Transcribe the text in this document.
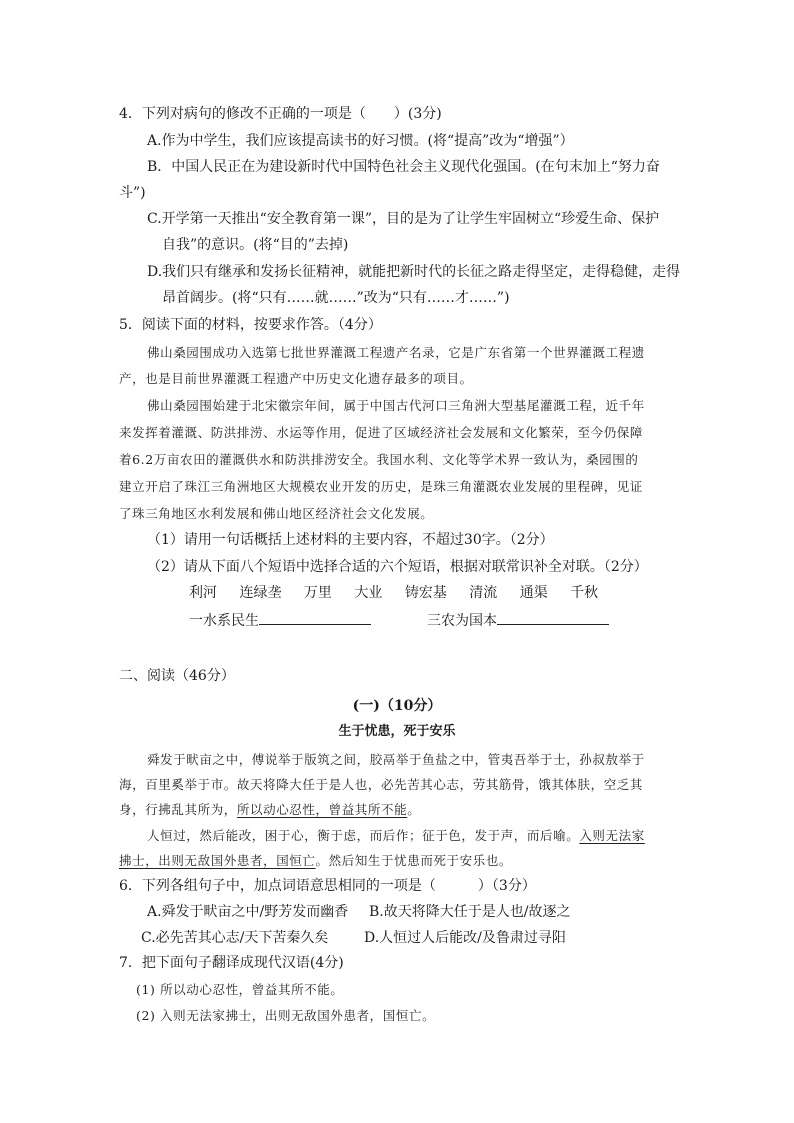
4．下列对病句的修改不正确的一项是（　　）(3分)
A.作为中学生，我们应该提高读书的好习惯。(将“提高”改为“增强”）
B．中国人民正在为建设新时代中国特色社会主义现代化强国。(在句末加上“努力奋
斗”)
C.开学第一天推出“安全教育第一课”，目的是为了让学生牢固树立“珍爱生命、保护
自我”的意识。(将“目的”去掉)
D.我们只有继承和发扬长征精神，就能把新时代的长征之路走得坚定，走得稳健，走得
昂首阔步。(将“只有……就……”改为“只有……才……”)
5．阅读下面的材料，按要求作答。（4分）
佛山桑园围成功入选第七批世界灌溉工程遗产名录，它是广东省第一个世界灌溉工程遗
产，也是目前世界灌溉工程遗产中历史文化遗存最多的项目。
佛山桑园围始建于北宋徽宗年间，属于中国古代河口三角洲大型基尾灌溉工程，近千年
来发挥着灌溉、防洪排涝、水运等作用，促进了区域经济社会发展和文化繁荣，至今仍保障
着6.2万亩农田的灌溉供水和防洪排涝安全。我国水利、文化等学术界一致认为，桑园围的
建立开启了珠江三角洲地区大规模农业开发的历史，是珠三角灌溉农业发展的里程碑，见证
了珠三角地区水利发展和佛山地区经济社会文化发展。
（1）请用一句话概括上述材料的主要内容，不超过30字。（2分）
（2）请从下面八个短语中选择合适的六个短语，根据对联常识补全对联。（2分）
利河 连绿垄 万里 大业 铸宏基 清流 通渠 千秋
一水系民生	三农为国本
二、阅读（46分）
(一)（10分）
生于忧患，死于安乐
舜发于畎亩之中，傅说举于版筑之间，胶鬲举于鱼盐之中，管夷吾举于士，孙叔敖举于
海，百里奚举于市。故天将降大任于是人也，必先苦其心志，劳其筋骨，饿其体肤，空乏其
身，行拂乱其所为，所以动心忍性，曾益其所不能。
人恒过，然后能改，困于心，衡于虑，而后作；征于色，发于声，而后喻。入则无法家
拂士，出则无敌国外患者，国恒亡。然后知生于忧患而死于安乐也。
6．下列各组句子中，加点词语意思相同的一项是（　　　）（3分）
A.舜发于畎亩之中/野芳发而幽香 B.故天将降大任于是人也/故逐之
C.必先苦其心志/天下苦秦久矣	D.人恒过人后能改/及鲁肃过寻阳
7．把下面句子翻译成现代汉语(4分)
(1) 所以动心忍性，曾益其所不能。
(2) 入则无法家拂士，出则无敌国外患者，国恒亡。
